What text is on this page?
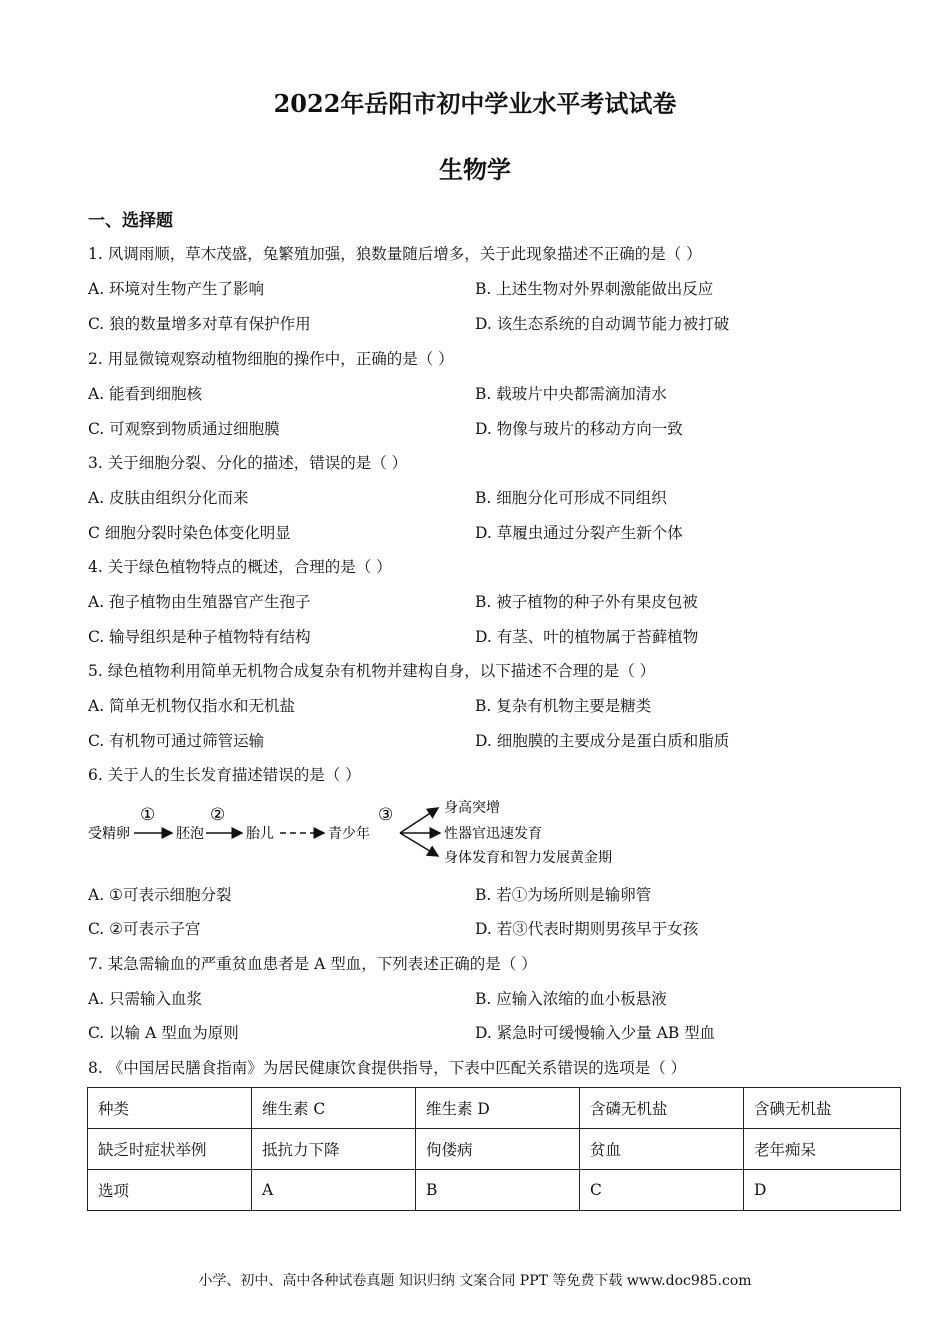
2022年岳阳市初中学业水平考试试卷
生物学
一、选择题
1. 风调雨顺，草木茂盛，兔繁殖加强，狼数量随后增多，关于此现象描述不正确的是（ ）
A. 环境对生物产生了影响	B. 上述生物对外界刺激能做出反应
C. 狼的数量增多对草有保护作用	D. 该生态系统的自动调节能力被打破
2. 用显微镜观察动植物细胞的操作中，正确的是（ ）
A. 能看到细胞核	B. 载玻片中央都需滴加清水
C. 可观察到物质通过细胞膜	D. 物像与玻片的移动方向一致
3. 关于细胞分裂、分化的描述，错误的是（ ）
A. 皮肤由组织分化而来	B. 细胞分化可形成不同组织
C 细胞分裂时染色体变化明显	D. 草履虫通过分裂产生新个体
4. 关于绿色植物特点的概述，合理的是（ ）
A. 孢子植物由生殖器官产生孢子	B. 被子植物的种子外有果皮包被
C. 输导组织是种子植物特有结构	D. 有茎、叶的植物属于苔藓植物
5. 绿色植物利用简单无机物合成复杂有机物并建构自身，以下描述不合理的是（ ）
A. 简单无机物仅指水和无机盐	B. 复杂有机物主要是糖类
C. 有机物可通过筛管运输	D. 细胞膜的主要成分是蛋白质和脂质
6. 关于人的生长发育描述错误的是（ ）
受精卵
①
胚泡
②
胎儿	青少年
③	身高突增
性器官迅速发育
身体发育和智力发展黄金期
A. ①可表示细胞分裂	B. 若①为场所则是输卵管
C. ②可表示子宫	D. 若③代表时期则男孩早于女孩
7. 某急需输血的严重贫血患者是 A 型血，下列表述正确的是（ ）
A. 只需输入血浆	B. 应输入浓缩的血小板悬液
C. 以输 A 型血为原则	D. 紧急时可缓慢输入少量 AB 型血
8. 《中国居民膳食指南》为居民健康饮食提供指导，下表中匹配关系错误的选项是（ ）
种类	维生素 C	维生素 D	含磷无机盐	含碘无机盐
缺乏时症状举例	抵抗力下降	佝偻病	贫血	老年痴呆
选项	A	B	C	D
小学、初中、高中各种试卷真题 知识归纳 文案合同 PPT 等免费下载 www.doc985.com
